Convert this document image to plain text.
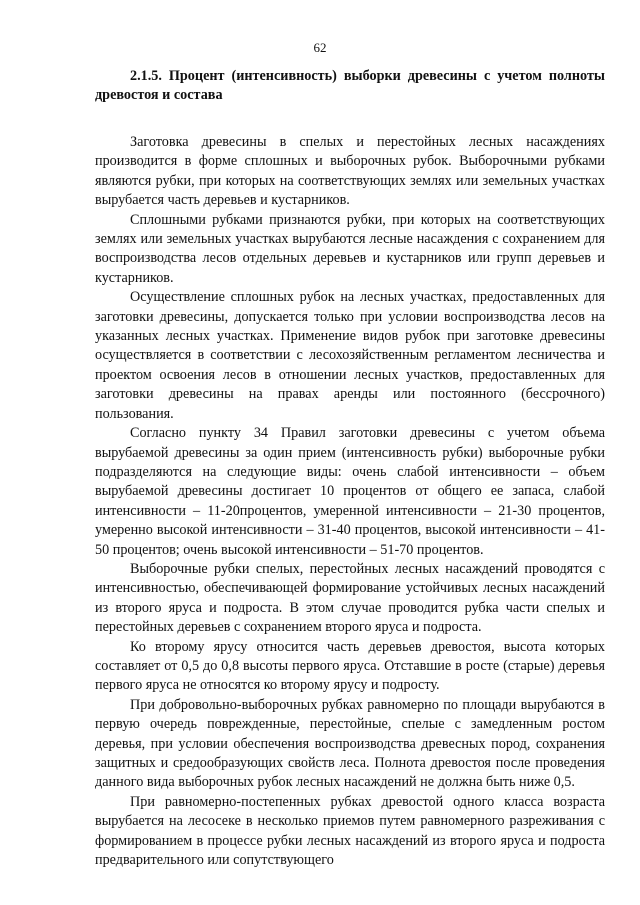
62
2.1.5. Процент (интенсивность) выборки древесины с учетом полноты древостоя и состава

Заготовка древесины в спелых и перестойных лесных насаждениях производится в форме сплошных и выборочных рубок. Выборочными рубками являются рубки, при которых на соответствующих землях или земельных участках вырубается часть деревьев и кустарников.

Сплошными рубками признаются рубки, при которых на соответствующих землях или земельных участках вырубаются лесные насаждения с сохранением для воспроизводства лесов отдельных деревьев и кустарников или групп деревьев и кустарников.

Осуществление сплошных рубок на лесных участках, предоставленных для заготовки древесины, допускается только при условии воспроизводства лесов на указанных лесных участках. Применение видов рубок при заготовке древесины осуществляется в соответствии с лесохозяйственным регламентом лесничества и проектом освоения лесов в отношении лесных участков, предоставленных для заготовки древесины на правах аренды или постоянного (бессрочного) пользования.

Согласно пункту 34 Правил заготовки древесины с учетом объема вырубаемой древесины за один прием (интенсивность рубки) выборочные рубки подразделяются на следующие виды: очень слабой интенсивности – объем вырубаемой древесины достигает 10 процентов от общего ее запаса, слабой интенсивности – 11-20процентов, умеренной интенсивности – 21-30 процентов, умеренно высокой интенсивности – 31-40 процентов, высокой интенсивности – 41-50 процентов; очень высокой интенсивности – 51-70 процентов.

Выборочные рубки спелых, перестойных лесных насаждений проводятся с интенсивностью, обеспечивающей формирование устойчивых лесных насаждений из второго яруса и подроста. В этом случае проводится рубка части спелых и перестойных деревьев с сохранением второго яруса и подроста.

Ко второму ярусу относится часть деревьев древостоя, высота которых составляет от 0,5 до 0,8 высоты первого яруса. Отставшие в росте (старые) деревья первого яруса не относятся ко второму ярусу и подросту.

При добровольно-выборочных рубках равномерно по площади вырубаются в первую очередь поврежденные, перестойные, спелые с замедленным ростом деревья, при условии обеспечения воспроизводства древесных пород, сохранения защитных и средообразующих свойств леса. Полнота древостоя после проведения данного вида выборочных рубок лесных насаждений не должна быть ниже 0,5.

При равномерно-постепенных рубках древостой одного класса возраста вырубается на лесосеке в несколько приемов путем равномерного разреживания с формированием в процессе рубки лесных насаждений из второго яруса и подроста предварительного или сопутствующего
